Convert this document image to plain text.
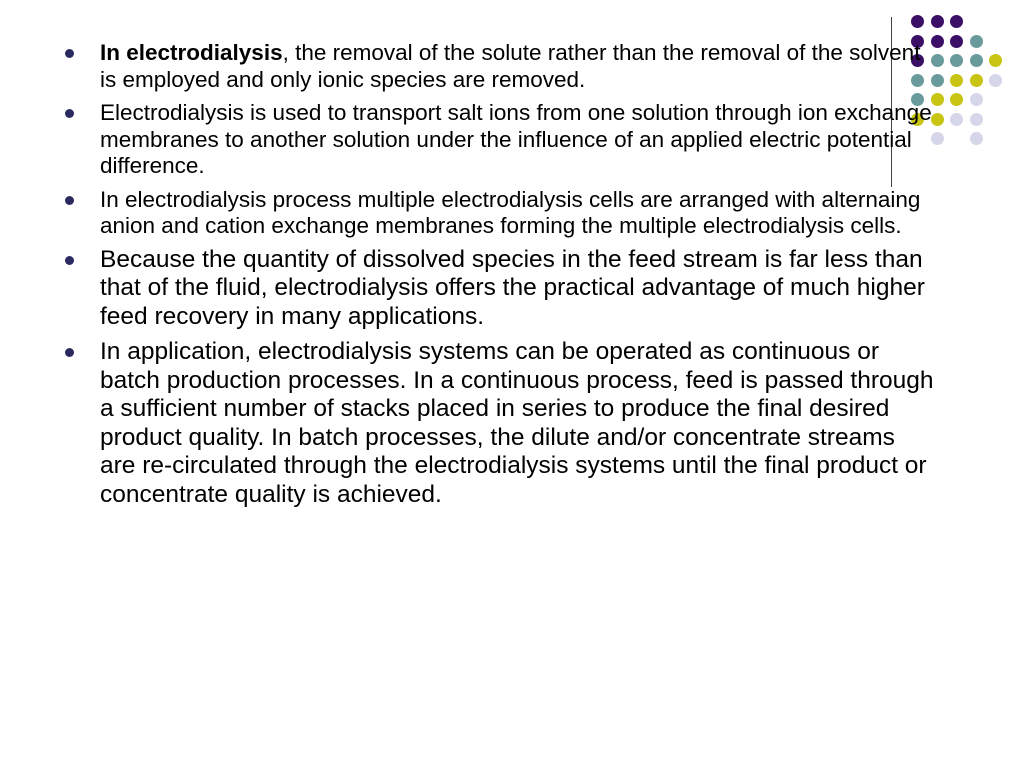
In electrodialysis, the removal of the solute rather than the removal of the solvent is employed and only ionic species are removed.
Electrodialysis is used to transport salt ions from one solution through ion exchange membranes to another solution under the influence of an applied electric potential difference.
In electrodialysis process multiple electrodialysis cells are arranged with alternaing anion and cation exchange membranes forming the multiple electrodialysis cells.
Because the quantity of dissolved species in the feed stream is far less than that of the fluid, electrodialysis offers the practical advantage of much higher feed recovery in many applications.
In application, electrodialysis systems can be operated as continuous or batch production processes. In a continuous process, feed is passed through a sufficient number of stacks placed in series to produce the final desired product quality. In batch processes, the dilute and/or concentrate streams are re-circulated through the electrodialysis systems until the final product or concentrate quality is achieved.
